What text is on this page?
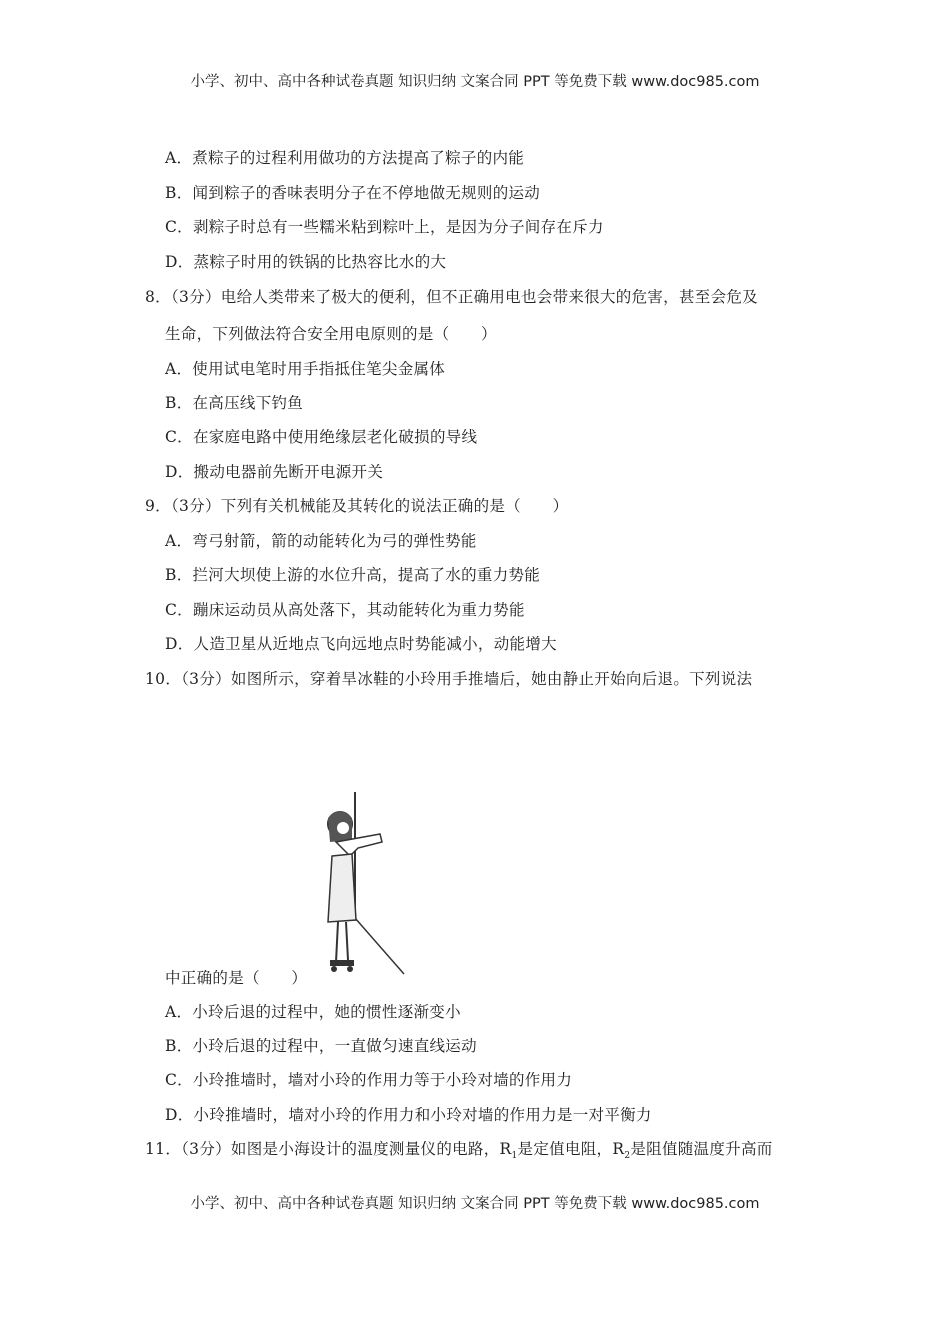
小学、初中、高中各种试卷真题 知识归纳 文案合同 PPT 等免费下载 www.doc985.com
A．煮粽子的过程利用做功的方法提高了粽子的内能
B．闻到粽子的香味表明分子在不停地做无规则的运动
C．剥粽子时总有一些糯米粘到粽叶上，是因为分子间存在斥力
D．蒸粽子时用的铁锅的比热容比水的大
8．（3分）电给人类带来了极大的便利，但不正确用电也会带来很大的危害，甚至会危及
生命，下列做法符合安全用电原则的是（　　）
A．使用试电笔时用手指抵住笔尖金属体
B．在高压线下钓鱼
C．在家庭电路中使用绝缘层老化破损的导线
D．搬动电器前先断开电源开关
9．（3分）下列有关机械能及其转化的说法正确的是（　　）
A．弯弓射箭，箭的动能转化为弓的弹性势能
B．拦河大坝使上游的水位升高，提高了水的重力势能
C．蹦床运动员从高处落下，其动能转化为重力势能
D．人造卫星从近地点飞向远地点时势能减小，动能增大
10．（3分）如图所示，穿着旱冰鞋的小玲用手推墙后，她由静止开始向后退。下列说法
中正确的是（　　）
A．小玲后退的过程中，她的惯性逐渐变小
B．小玲后退的过程中，一直做匀速直线运动
C．小玲推墙时，墙对小玲的作用力等于小玲对墙的作用力
D．小玲推墙时，墙对小玲的作用力和小玲对墙的作用力是一对平衡力
11．（3分）如图是小海设计的温度测量仪的电路，$R_1$是定值电阻，$R_2$是阻值随温度升高而
小学、初中、高中各种试卷真题 知识归纳 文案合同 PPT 等免费下载 www.doc985.com
